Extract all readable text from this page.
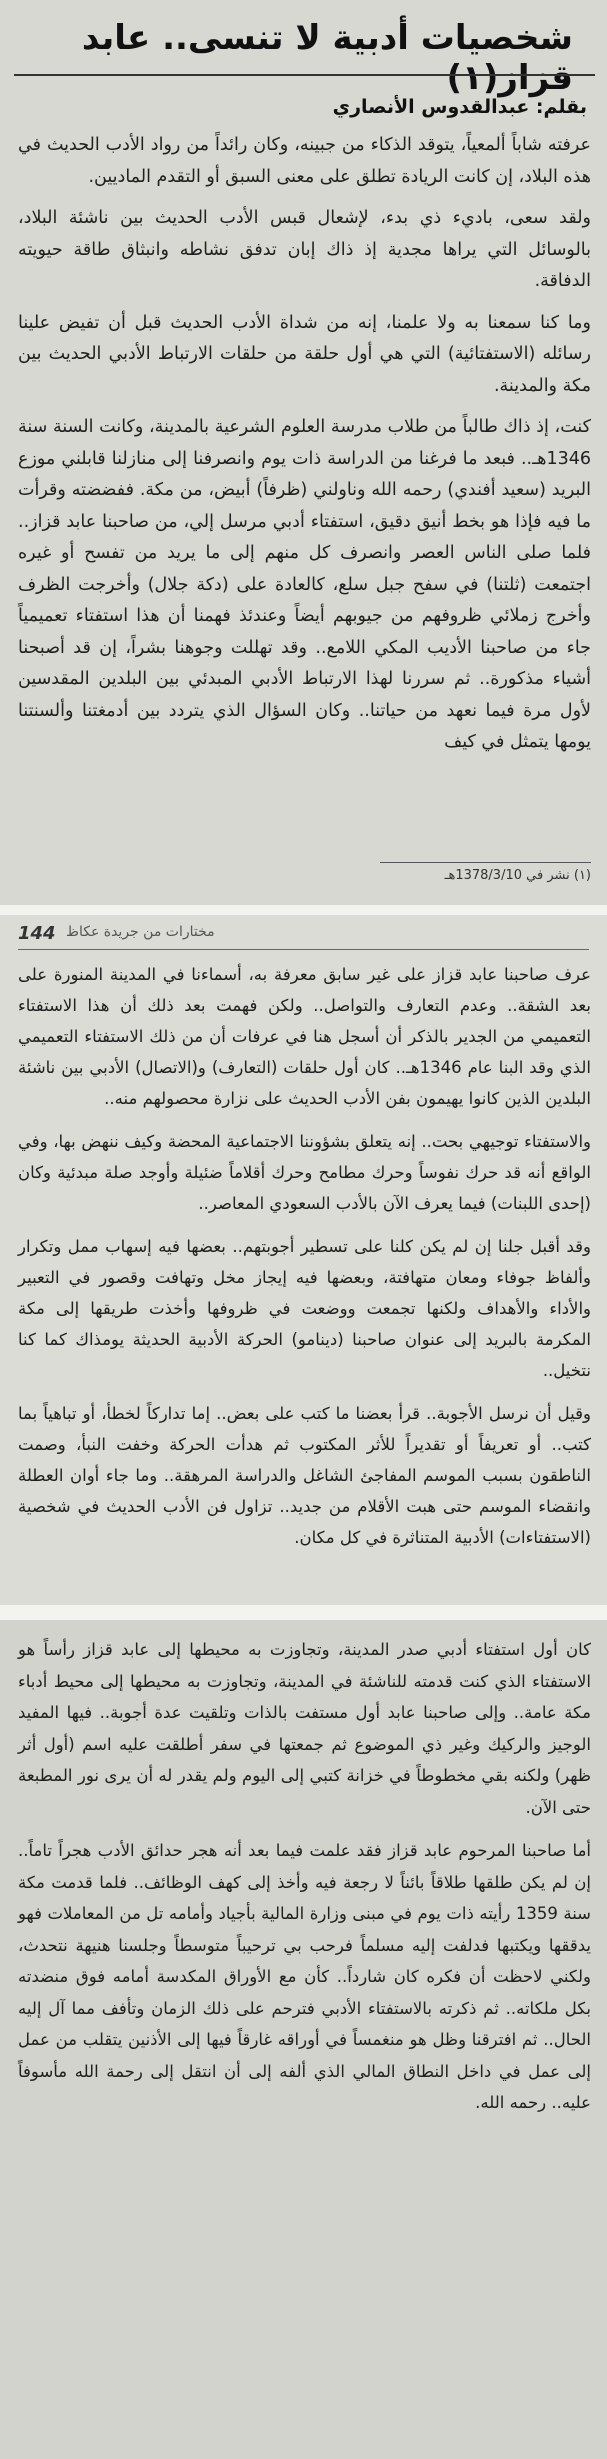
شخصيات أدبية لا تنسى.. عابد قزاز(١)
بقلم: عبدالقدوس الأنصاري

عرفته شاباً ألمعياً، يتوقد الذكاء من جبينه، وكان رائداً من رواد الأدب الحديث في هذه البلاد، إن كانت الريادة تطلق على معنى السبق أو التقدم الماديين.

ولقد سعى، باديء ذي بدء، لإشعال قبس الأدب الحديث بين ناشئة البلاد، بالوسائل التي يراها مجدية إذ ذاك إبان تدفق نشاطه وانبثاق طاقة حيويته الدفاقة.

وما كنا سمعنا به ولا علمنا، إنه من شداة الأدب الحديث قبل أن تفيض علينا رسائله (الاستفتائية) التي هي أول حلقة من حلقات الارتباط الأدبي الحديث بين مكة والمدينة.

كنت، إذ ذاك طالباً من طلاب مدرسة العلوم الشرعية بالمدينة، وكانت السنة سنة 1346هـ.. فبعد ما فرغنا من الدراسة ذات يوم وانصرفنا إلى منازلنا قابلني موزع البريد (سعيد أفندي) رحمه الله وناولني (ظرفاً) أبيض، من مكة. ففضضته وقرأت ما فيه فإذا هو بخط أنيق دقيق، استفتاء أدبي مرسل إلي، من صاحبنا عابد قزاز.. فلما صلى الناس العصر وانصرف كل منهم إلى ما يريد من تفسح أو غيره اجتمعت (ثلتنا) في سفح جبل سلع، كالعادة على (دكة جلال) وأخرجت الظرف وأخرج زملائي ظروفهم من جيوبهم أيضاً وعندئذ فهمنا أن هذا استفتاء تعميمياً جاء من صاحبنا الأديب المكي اللامع.. وقد تهللت وجوهنا بشراً، إن قد أصبحنا أشياء مذكورة.. ثم سررنا لهذا الارتباط الأدبي المبدئي بين البلدين المقدسين لأول مرة فيما نعهد من حياتنا.. وكان السؤال الذي يتردد بين أدمغتنا وألسنتنا يومها يتمثل في كيف

(١) نشر في 1378/3/10هـ
144 مختارات من جريدة عكاظ

عرف صاحبنا عابد قزاز على غير سابق معرفة به، أسماءنا في المدينة المنورة على بعد الشقة.. وعدم التعارف والتواصل.. ولكن فهمت بعد ذلك أن هذا الاستفتاء التعميمي من الجدير بالذكر أن أسجل هنا في عرفات أن من ذلك الاستفتاء التعميمي الذي وقد البنا عام 1346هـ.. كان أول حلقات (التعارف) و(الاتصال) الأدبي بين ناشئة البلدين الذين كانوا يهيمون بفن الأدب الحديث على نزارة محصولهم منه..

والاستفتاء توجيهي بحت.. إنه يتعلق بشؤوننا الاجتماعية المحضة وكيف ننهض بها، وفي الواقع أنه قد حرك نفوساً وحرك مطامح وحرك أقلاماً ضئيلة وأوجد صلة مبدئية وكان (إحدى اللبنات) فيما يعرف الآن بالأدب السعودي المعاصر..

وقد أقبل جلنا إن لم يكن كلنا على تسطير أجوبتهم.. بعضها فيه إسهاب ممل وتكرار وألفاظ جوفاء ومعان متهافتة، وبعضها فيه إيجاز مخل وتهافت وقصور في التعبير والأداء والأهداف ولكنها تجمعت ووضعت في ظروفها وأخذت طريقها إلى مكة المكرمة بالبريد إلى عنوان صاحبنا (دينامو) الحركة الأدبية الحديثة يومذاك كما كنا نتخيل..

وقيل أن نرسل الأجوبة.. قرأ بعضنا ما كتب على بعض.. إما تداركاً لخطأ، أو تباهياً بما كتب.. أو تعريفاً أو تقديراً للأثر المكتوب ثم هدأت الحركة وخفت النبأ، وصمت الناطقون بسبب الموسم المفاجئ الشاغل والدراسة المرهقة.. وما جاء أوان العطلة وانقضاء الموسم حتى هبت الأقلام من جديد.. تزاول فن الأدب الحديث في شخصية (الاستفتاءات) الأدبية المتناثرة في كل مكان.

كان أول استفتاء أدبي صدر المدينة، وتجاوزت به محيطها إلى عابد قزاز رأساً هو الاستفتاء الذي كنت قدمته للناشئة في المدينة، وتجاوزت به محيطها إلى محيط أدباء مكة عامة.. وإلى صاحبنا عابد أول مستفت بالذات وتلقيت عدة أجوبة.. فيها المفيد الوجيز والركيك وغير ذي الموضوع ثم جمعتها في سفر أطلقت عليه اسم (أول أثر ظهر) ولكنه بقي مخطوطاً في خزانة كتبي إلى اليوم ولم يقدر له أن يرى نور المطبعة حتى الآن.

أما صاحبنا المرحوم عابد قزاز فقد علمت فيما بعد أنه هجر حدائق الأدب هجراً تاماً.. إن لم يكن طلقها طلاقاً بائناً لا رجعة فيه وأخذ إلى كهف الوظائف.. فلما قدمت مكة سنة 1359 رأيته ذات يوم في مبنى وزارة المالية بأجياد وأمامه تل من المعاملات فهو يدققها ويكتبها فدلفت إليه مسلماً فرحب بي ترحيباً متوسطاً وجلسنا هنيهة نتحدث، ولكني لاحظت أن فكره كان شارداً.. كأن مع الأوراق المكدسة أمامه فوق منضدته بكل ملكاته.. ثم ذكرته بالاستفتاء الأدبي فترحم على ذلك الزمان وتأفف مما آل إليه الحال.. ثم افترقنا وظل هو منغمساً في أوراقه غارقاً فيها إلى الأذنين يتقلب من عمل إلى عمل في داخل النطاق المالي الذي ألفه إلى أن انتقل إلى رحمة الله مأسوفاً عليه.. رحمه الله.
